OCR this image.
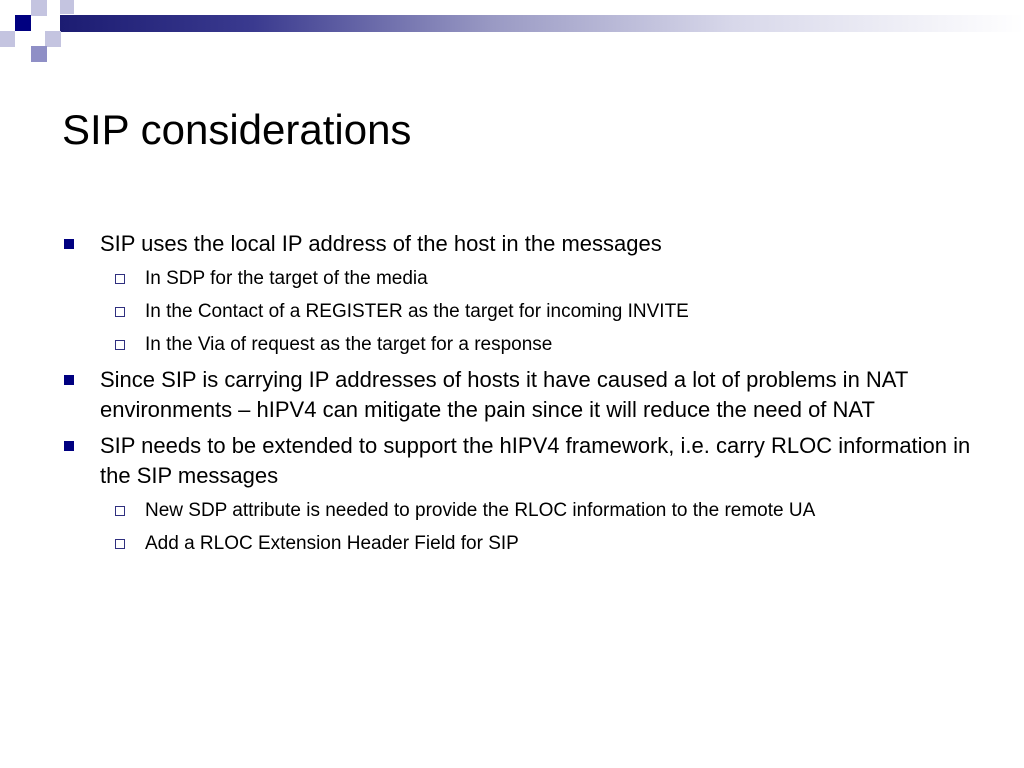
SIP considerations
SIP uses the local IP address of the host in the messages
In SDP for the target of the media
In the Contact of a REGISTER as the target for incoming INVITE
In the Via of request as the target for a response
Since SIP is carrying IP addresses of hosts it have caused a lot of problems in NAT environments – hIPV4 can mitigate the pain since it will reduce the need of NAT
SIP needs to be extended to support the hIPV4 framework, i.e. carry RLOC information in the SIP messages
New SDP attribute is needed to provide the RLOC information to the remote UA
Add a RLOC Extension Header Field for SIP
